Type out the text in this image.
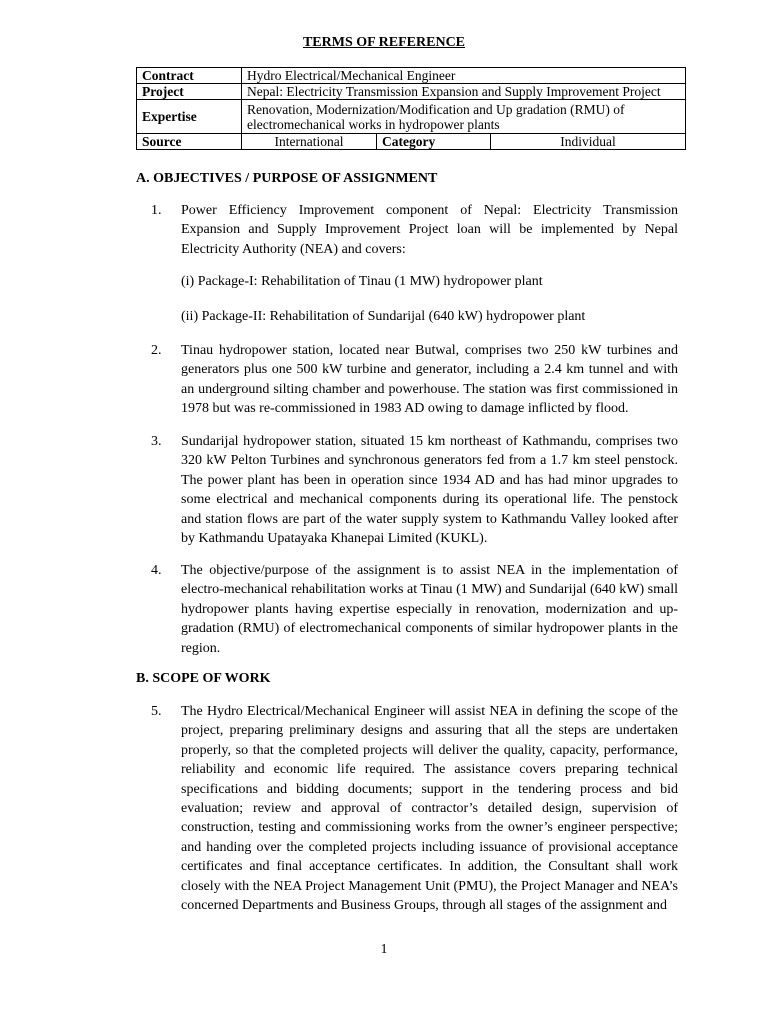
TERMS OF REFERENCE
Contract	Hydro Electrical/Mechanical Engineer
Project	Nepal: Electricity Transmission Expansion and Supply Improvement Project
Expertise	Renovation, Modernization/Modification and Up gradation (RMU) of electromechanical works in hydropower plants
Source		International	Category	Individual
A. OBJECTIVES / PURPOSE OF ASSIGNMENT
1. Power Efficiency Improvement component of Nepal: Electricity Transmission Expansion and Supply Improvement Project loan will be implemented by Nepal Electricity Authority (NEA) and covers:
(i) Package-I: Rehabilitation of Tinau (1 MW) hydropower plant
(ii) Package-II: Rehabilitation of Sundarijal (640 kW) hydropower plant
2. Tinau hydropower station, located near Butwal, comprises two 250 kW turbines and generators plus one 500 kW turbine and generator, including a 2.4 km tunnel and with an underground silting chamber and powerhouse. The station was first commissioned in 1978 but was re-commissioned in 1983 AD owing to damage inflicted by flood.
3. Sundarijal hydropower station, situated 15 km northeast of Kathmandu, comprises two 320 kW Pelton Turbines and synchronous generators fed from a 1.7 km steel penstock. The power plant has been in operation since 1934 AD and has had minor upgrades to some electrical and mechanical components during its operational life. The penstock and station flows are part of the water supply system to Kathmandu Valley looked after by Kathmandu Upatayaka Khanepai Limited (KUKL).
4. The objective/purpose of the assignment is to assist NEA in the implementation of electro-mechanical rehabilitation works at Tinau (1 MW) and Sundarijal (640 kW) small hydropower plants having expertise especially in renovation, modernization and up-gradation (RMU) of electromechanical components of similar hydropower plants in the region.
B. SCOPE OF WORK
5. The Hydro Electrical/Mechanical Engineer will assist NEA in defining the scope of the project, preparing preliminary designs and assuring that all the steps are undertaken properly, so that the completed projects will deliver the quality, capacity, performance, reliability and economic life required. The assistance covers preparing technical specifications and bidding documents; support in the tendering process and bid evaluation; review and approval of contractor’s detailed design, supervision of construction, testing and commissioning works from the owner’s engineer perspective; and handing over the completed projects including issuance of provisional acceptance certificates and final acceptance certificates. In addition, the Consultant shall work closely with the NEA Project Management Unit (PMU), the Project Manager and NEA’s concerned Departments and Business Groups, through all stages of the assignment and
1
